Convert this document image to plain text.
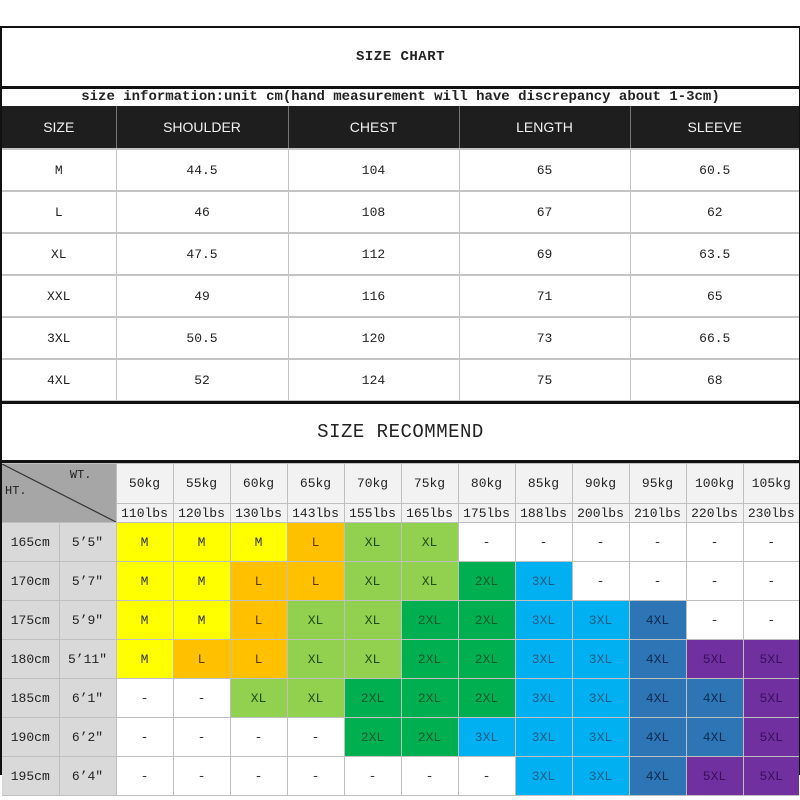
SIZE CHART
size information:unit cm(hand measurement will have discrepancy about 1-3cm)
SIZE	SHOULDER	CHEST	LENGTH	SLEEVE
M	44.5	104	65	60.5
L	46	108	67	62
XL	47.5	112	69	63.5
XXL	49	116	71	65
3XL	50.5	120	73	66.5
4XL	52	124	75	68
SIZE RECOMMEND
WT.
HT.		50kg	55kg	60kg	65kg	70kg	75kg	80kg	85kg	90kg	95kg	100kg	105kg
		110lbs	120lbs	130lbs	143lbs	155lbs	165lbs	175lbs	188lbs	200lbs	210lbs	220lbs	230lbs
165cm	5’5″	M	M	M	L	XL	XL	-	-	-	-	-	-
170cm	5’7″	M	M	L	L	XL	XL	2XL	3XL	-	-	-	-
175cm	5’9″	M	M	L	XL	XL	2XL	2XL	3XL	3XL	4XL	-	-
180cm	5’11″	M	L	L	XL	XL	2XL	2XL	3XL	3XL	4XL	5XL	5XL
185cm	6’1″	-	-	XL	XL	2XL	2XL	2XL	3XL	3XL	4XL	4XL	5XL
190cm	6’2″	-	-	-	-	2XL	2XL	3XL	3XL	3XL	4XL	4XL	5XL
195cm	6’4″	-	-	-	-	-	-	-	3XL	3XL	4XL	5XL	5XL
